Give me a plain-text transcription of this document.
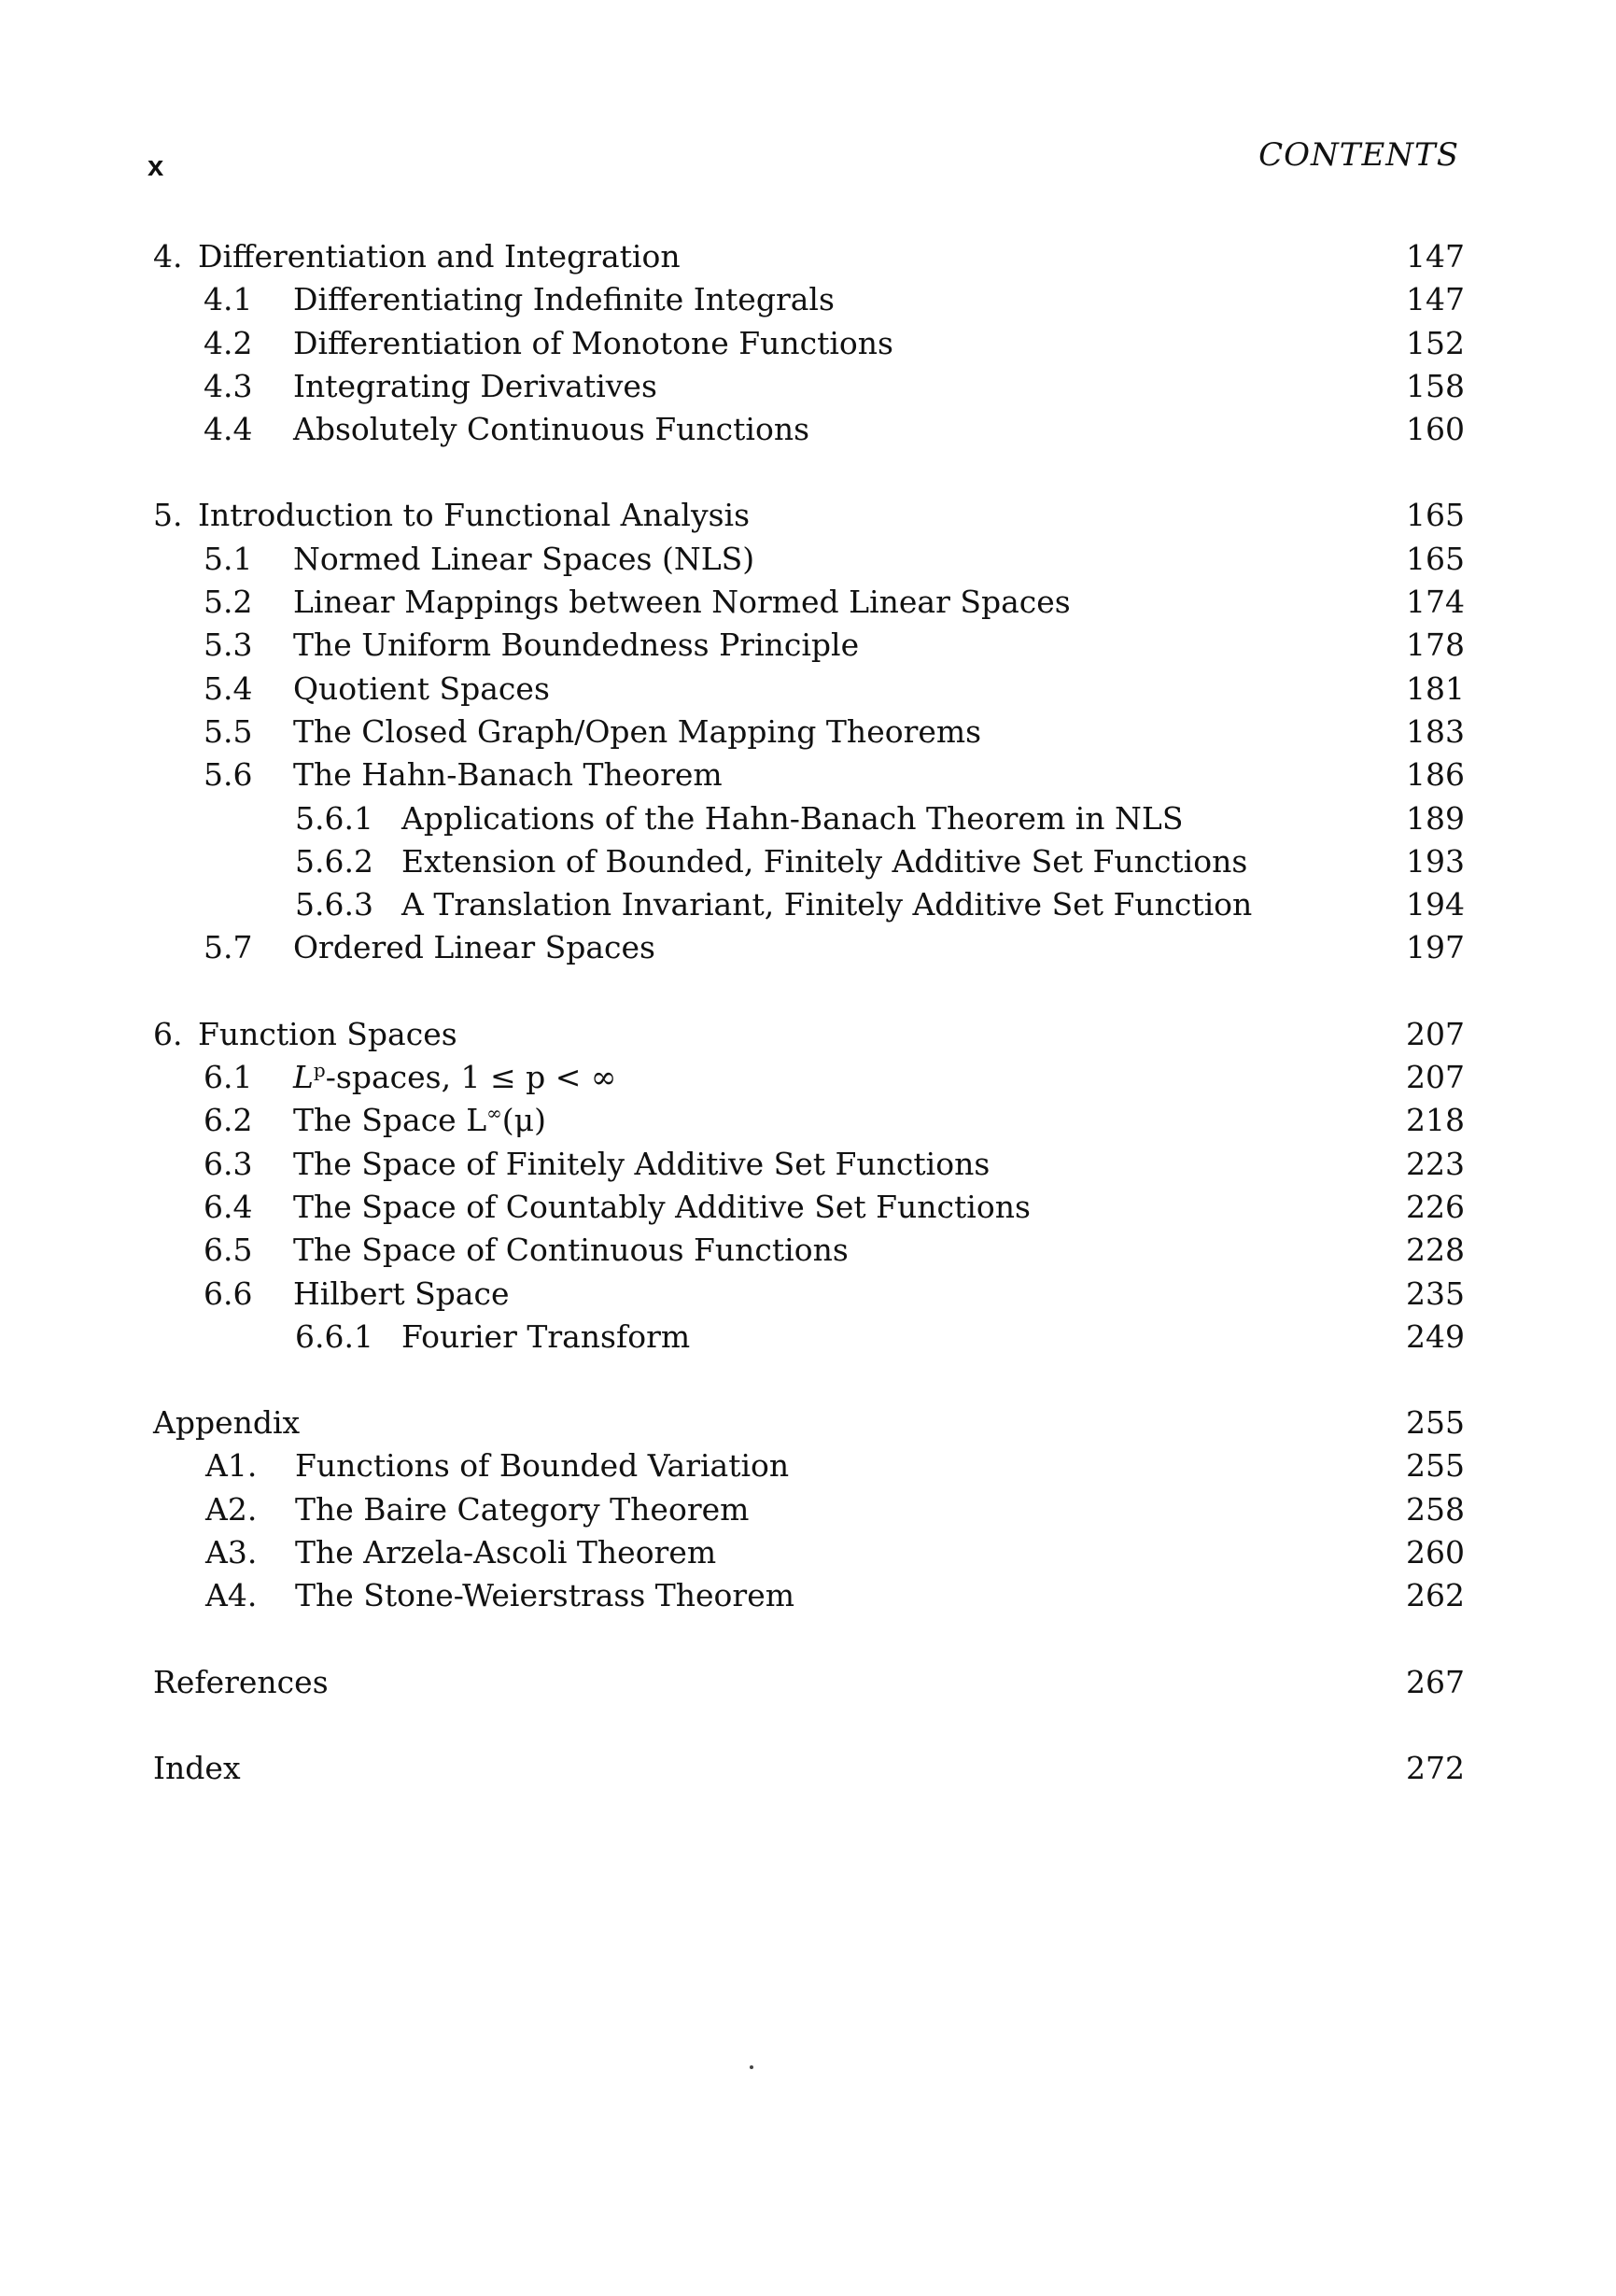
x	CONTENTS
4. Differentiation and Integration	147
4.1 Differentiating Indefinite Integrals	147
4.2 Differentiation of Monotone Functions	152
4.3 Integrating Derivatives	158
4.4 Absolutely Continuous Functions	160
5. Introduction to Functional Analysis	165
5.1 Normed Linear Spaces (NLS)	165
5.2 Linear Mappings between Normed Linear Spaces	174
5.3 The Uniform Boundedness Principle	178
5.4 Quotient Spaces	181
5.5 The Closed Graph/Open Mapping Theorems	183
5.6 The Hahn-Banach Theorem	186
5.6.1 Applications of the Hahn-Banach Theorem in NLS	189
5.6.2 Extension of Bounded, Finitely Additive Set Functions	193
5.6.3 A Translation Invariant, Finitely Additive Set Function	194
5.7 Ordered Linear Spaces	197
6. Function Spaces	207
6.1 $L^p$-spaces, 1 ≤ p < ∞	207
6.2 The Space L∞(μ)	218
6.3 The Space of Finitely Additive Set Functions	223
6.4 The Space of Countably Additive Set Functions	226
6.5 The Space of Continuous Functions	228
6.6 Hilbert Space	235
6.6.1 Fourier Transform	249
Appendix	255
A1. Functions of Bounded Variation	255
A2. The Baire Category Theorem	258
A3. The Arzela-Ascoli Theorem	260
A4. The Stone-Weierstrass Theorem	262
References	267
Index	272
